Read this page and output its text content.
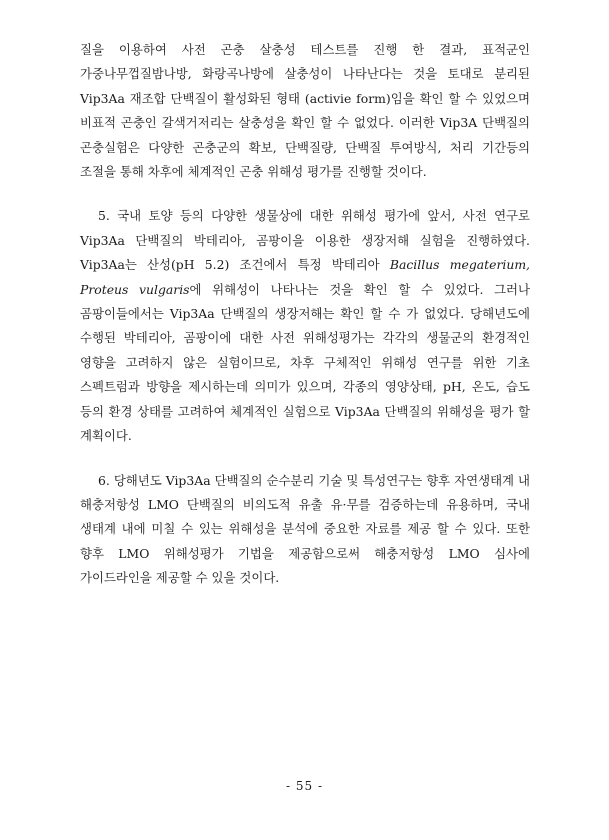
질을 이용하여 사전 곤충 살충성 테스트를 진행 한 결과, 표적군인 가중나무껍질밤나방, 화랑곡나방에 살충성이 나타난다는 것을 토대로 분리된 Vip3Aa 재조합 단백질이 활성화된 형태 (activie form)임을 확인 할 수 있었으며 비표적 곤충인 갈색거저리는 살충성을 확인 할 수 없었다. 이러한 Vip3A 단백질의 곤충실험은 다양한 곤충군의 확보, 단백질량, 단백질 투여방식, 처리 기간등의 조절을 통해 차후에 체계적인 곤충 위해성 평가를 진행할 것이다.

5. 국내 토양 등의 다양한 생물상에 대한 위해성 평가에 앞서, 사전 연구로 Vip3Aa 단백질의 박테리아, 곰팡이을 이용한 생장저해 실험을 진행하였다. Vip3Aa는 산성(pH 5.2) 조건에서 특정 박테리아 Bacillus megaterium, Proteus vulgaris에 위해성이 나타나는 것을 확인 할 수 있었다. 그러나 곰팡이들에서는 Vip3Aa 단백질의 생장저해는 확인 할 수 가 없었다. 당해년도에 수행된 박테리아, 곰팡이에 대한 사전 위해성평가는 각각의 생물군의 환경적인 영향을 고려하지 않은 실험이므로, 차후 구체적인 위해성 연구를 위한 기초 스펙트럼과 방향을 제시하는데 의미가 있으며, 각종의 영양상태, pH, 온도, 습도 등의 환경 상태를 고려하여 체계적인 실험으로 Vip3Aa 단백질의 위해성을 평가 할 계획이다.

6. 당해년도 Vip3Aa 단백질의 순수분리 기술 및 특성연구는 향후 자연생태계 내 해충저항성 LMO 단백질의 비의도적 유출 유·무를 검증하는데 유용하며, 국내 생태계 내에 미칠 수 있는 위해성을 분석에 중요한 자료를 제공 할 수 있다. 또한 향후 LMO 위해성평가 기법을 제공함으로써 해충저항성 LMO 심사에 가이드라인을 제공할 수 있을 것이다.

- 55 -
